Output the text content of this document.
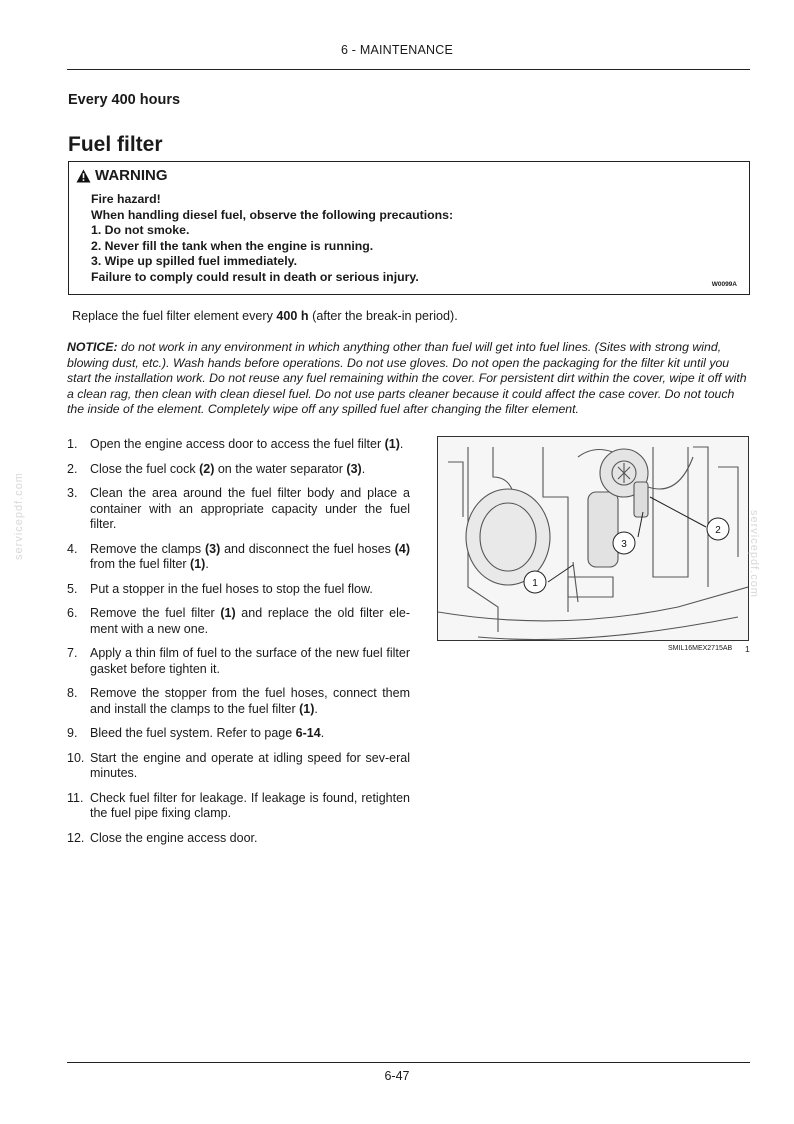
6 - MAINTENANCE
Every 400 hours
Fuel filter
WARNING
Fire hazard!
When handling diesel fuel, observe the following precautions:
1. Do not smoke.
2. Never fill the tank when the engine is running.
3. Wipe up spilled fuel immediately.
Failure to comply could result in death or serious injury.
W0099A
Replace the fuel filter element every 400 h (after the break-in period).
NOTICE: do not work in any environment in which anything other than fuel will get into fuel lines. (Sites with strong wind, blowing dust, etc.). Wash hands before operations. Do not use gloves. Do not open the packaging for the filter kit until you start the installation work. Do not reuse any fuel remaining within the cover. For persistent dirt within the cover, wipe it off with a clean rag, then clean with clean diesel fuel. Do not use parts cleaner because it could affect the case cover. Do not touch the inside of the element. Completely wipe off any spilled fuel after changing the filter element.
1.	Open the engine access door to access the fuel filter (1).
2.	Close the fuel cock (2) on the water separator (3).
3.	Clean the area around the fuel filter body and place a container with an appropriate capacity under the fuel filter.
4.	Remove the clamps (3) and disconnect the fuel hoses (4) from the fuel filter (1).
5.	Put a stopper in the fuel hoses to stop the fuel flow.
6.	Remove the fuel filter (1) and replace the old filter ele-ment with a new one.
7.	Apply a thin film of fuel to the surface of the new fuel filter gasket before tighten it.
8.	Remove the stopper from the fuel hoses, connect them and install the clamps to the fuel filter (1).
9.	Bleed the fuel system. Refer to page 6-14.
10. Start the engine and operate at idling speed for sev-eral minutes.
11. Check fuel filter for leakage. If leakage is found, retighten the fuel pipe fixing clamp.
12. Close the engine access door.
1
3
2
SMIL16MEX2715AB 1
servicepdf.com	servicepdf.com
6-47
